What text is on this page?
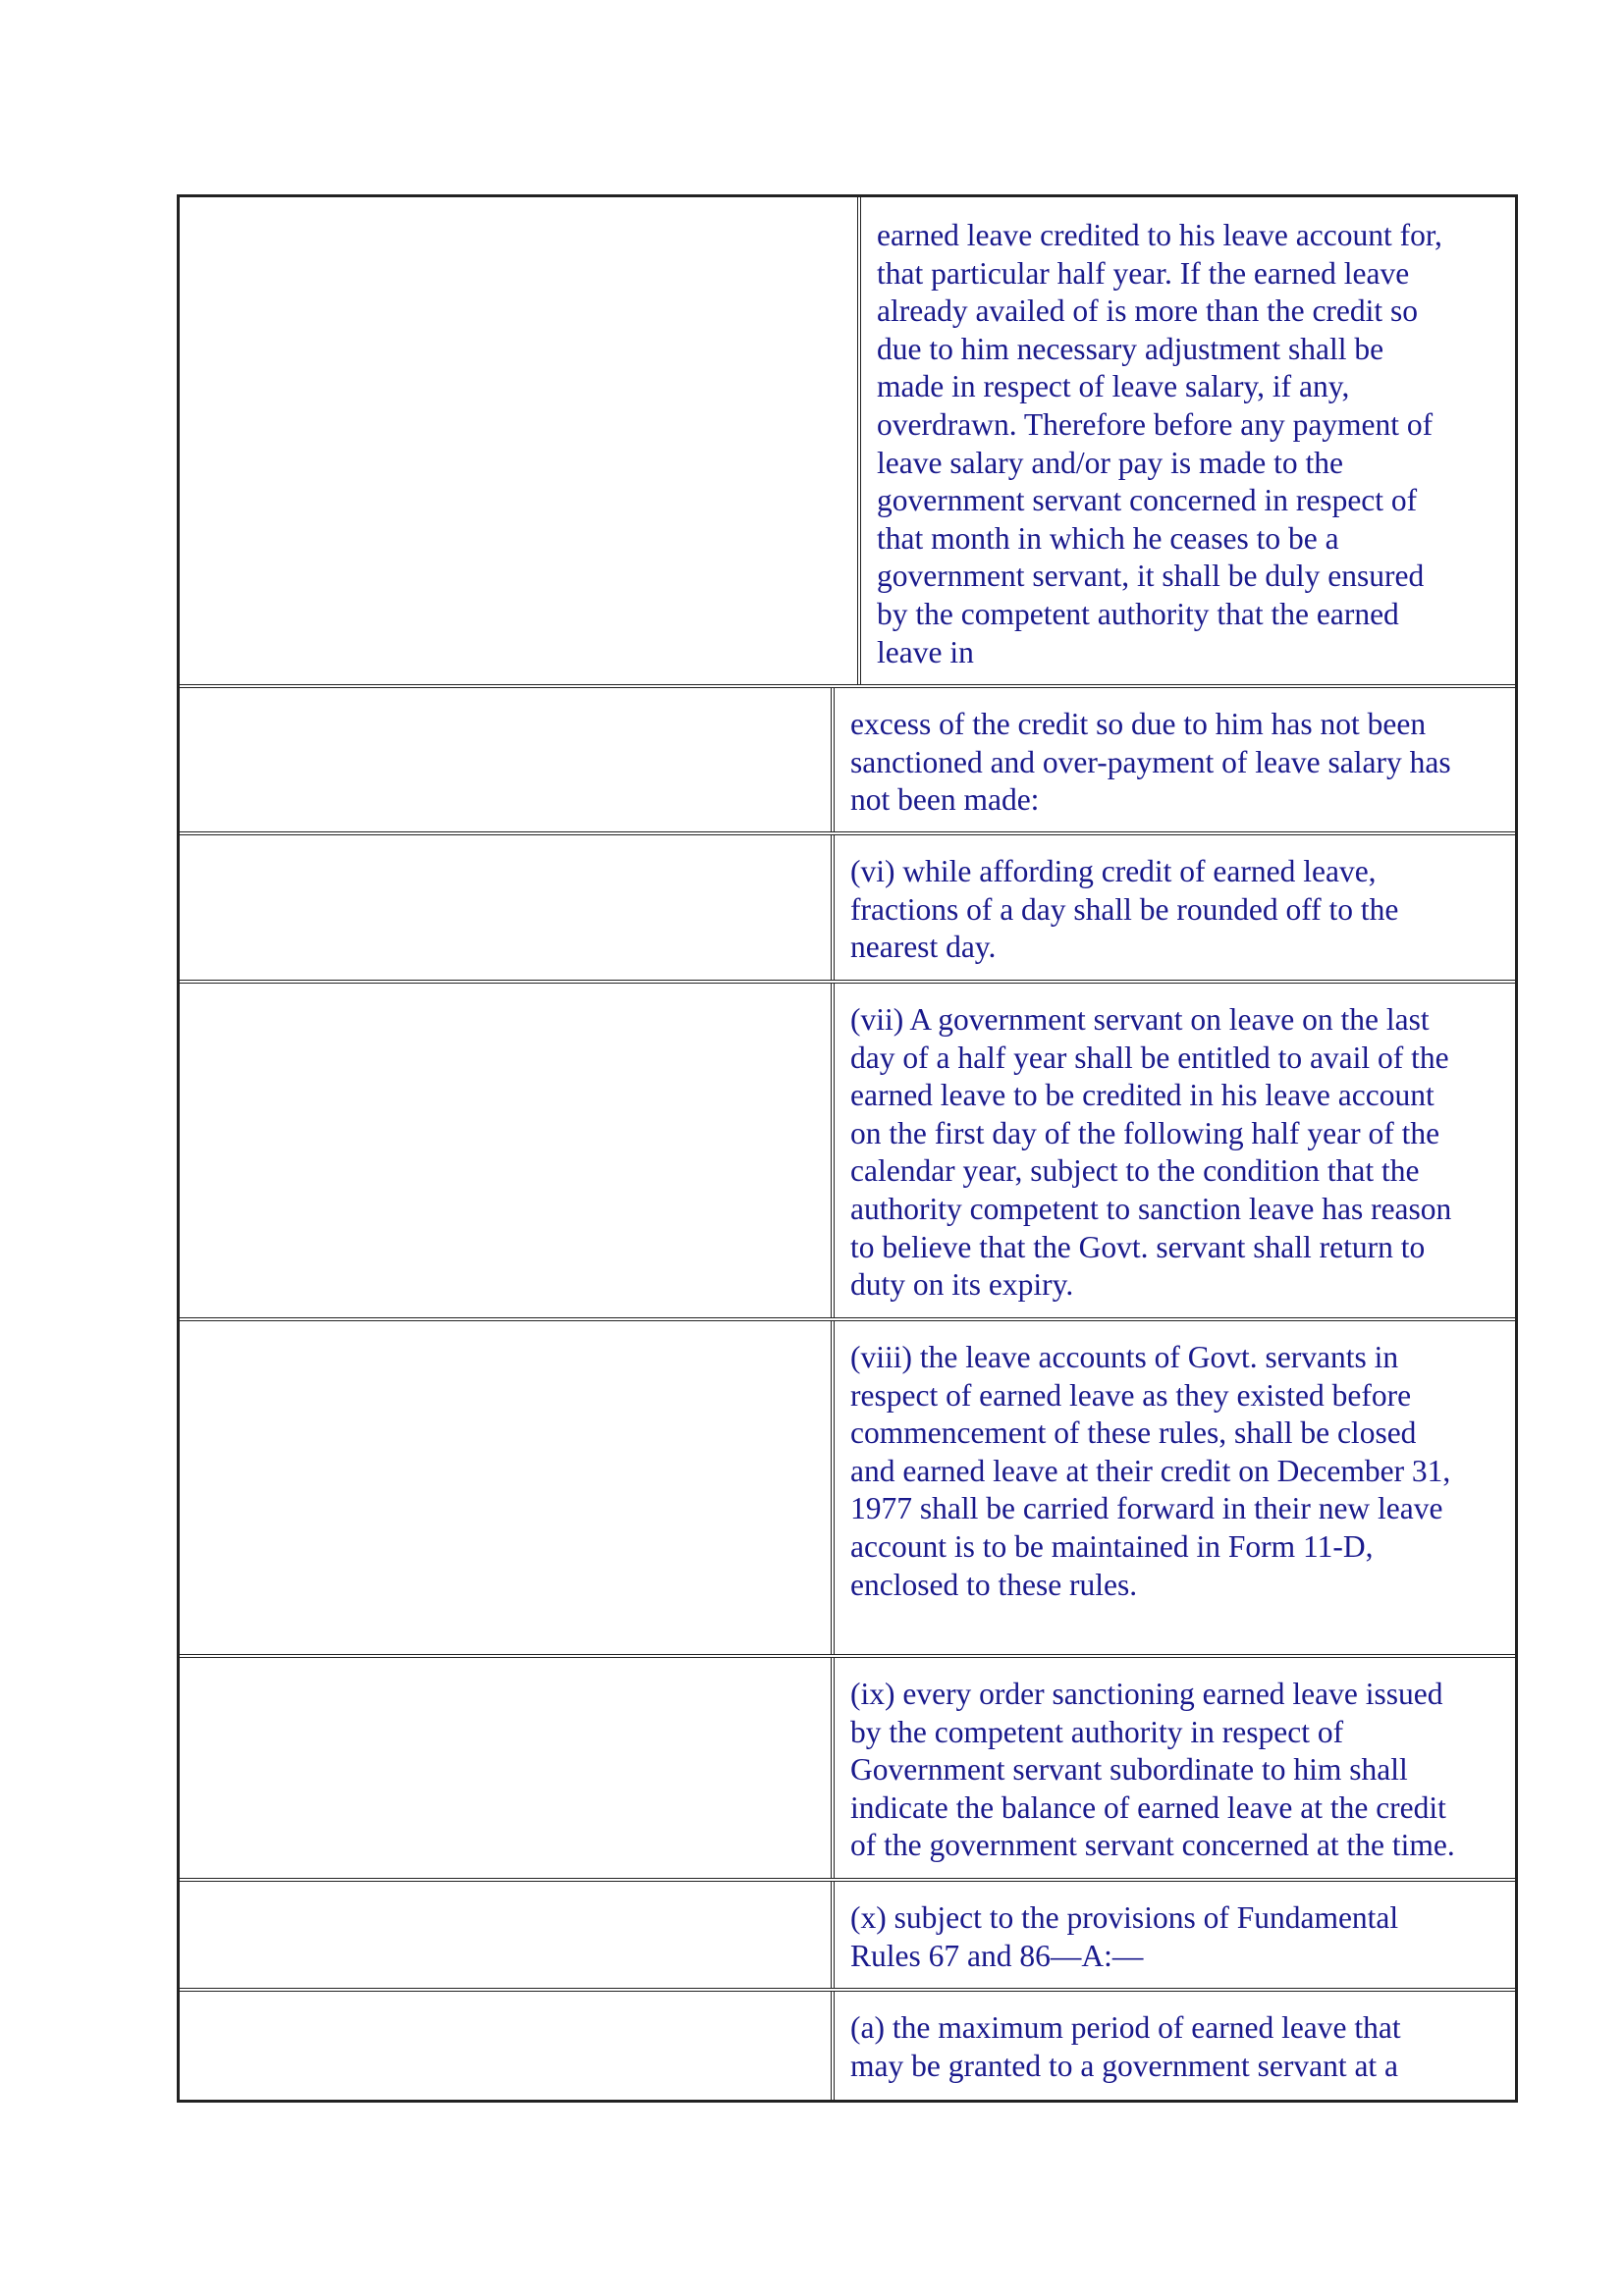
earned leave credited to his leave account for,
that particular half year. If the earned leave
already availed of is more than the credit so
due to him necessary adjustment shall be
made in respect of leave salary, if any,
overdrawn. Therefore before any payment of
leave salary and/or pay is made to the
government servant concerned in respect of
that month in which he ceases to be a
government servant, it shall be duly ensured
by the competent authority that the earned
leave in

excess of the credit so due to him has not been
sanctioned and over-payment of leave salary has
not been made:

(vi) while affording credit of earned leave,
fractions of a day shall be rounded off to the
nearest day.

(vii) A government servant on leave on the last
day of a half year shall be entitled to avail of the
earned leave to be credited in his leave account
on the first day of the following half year of the
calendar year, subject to the condition that the
authority competent to sanction leave has reason
to believe that the Govt. servant shall return to
duty on its expiry.

(viii) the leave accounts of Govt. servants in
respect of earned leave as they existed before
commencement of these rules, shall be closed
and earned leave at their credit on December 31,
1977 shall be carried forward in their new leave
account is to be maintained in Form 11-D,
enclosed to these rules.

(ix) every order sanctioning earned leave issued
by the competent authority in respect of
Government servant subordinate to him shall
indicate the balance of earned leave at the credit
of the government servant concerned at the time.

(x) subject to the provisions of Fundamental
Rules 67 and 86—A:—

(a) the maximum period of earned leave that
may be granted to a government servant at a
